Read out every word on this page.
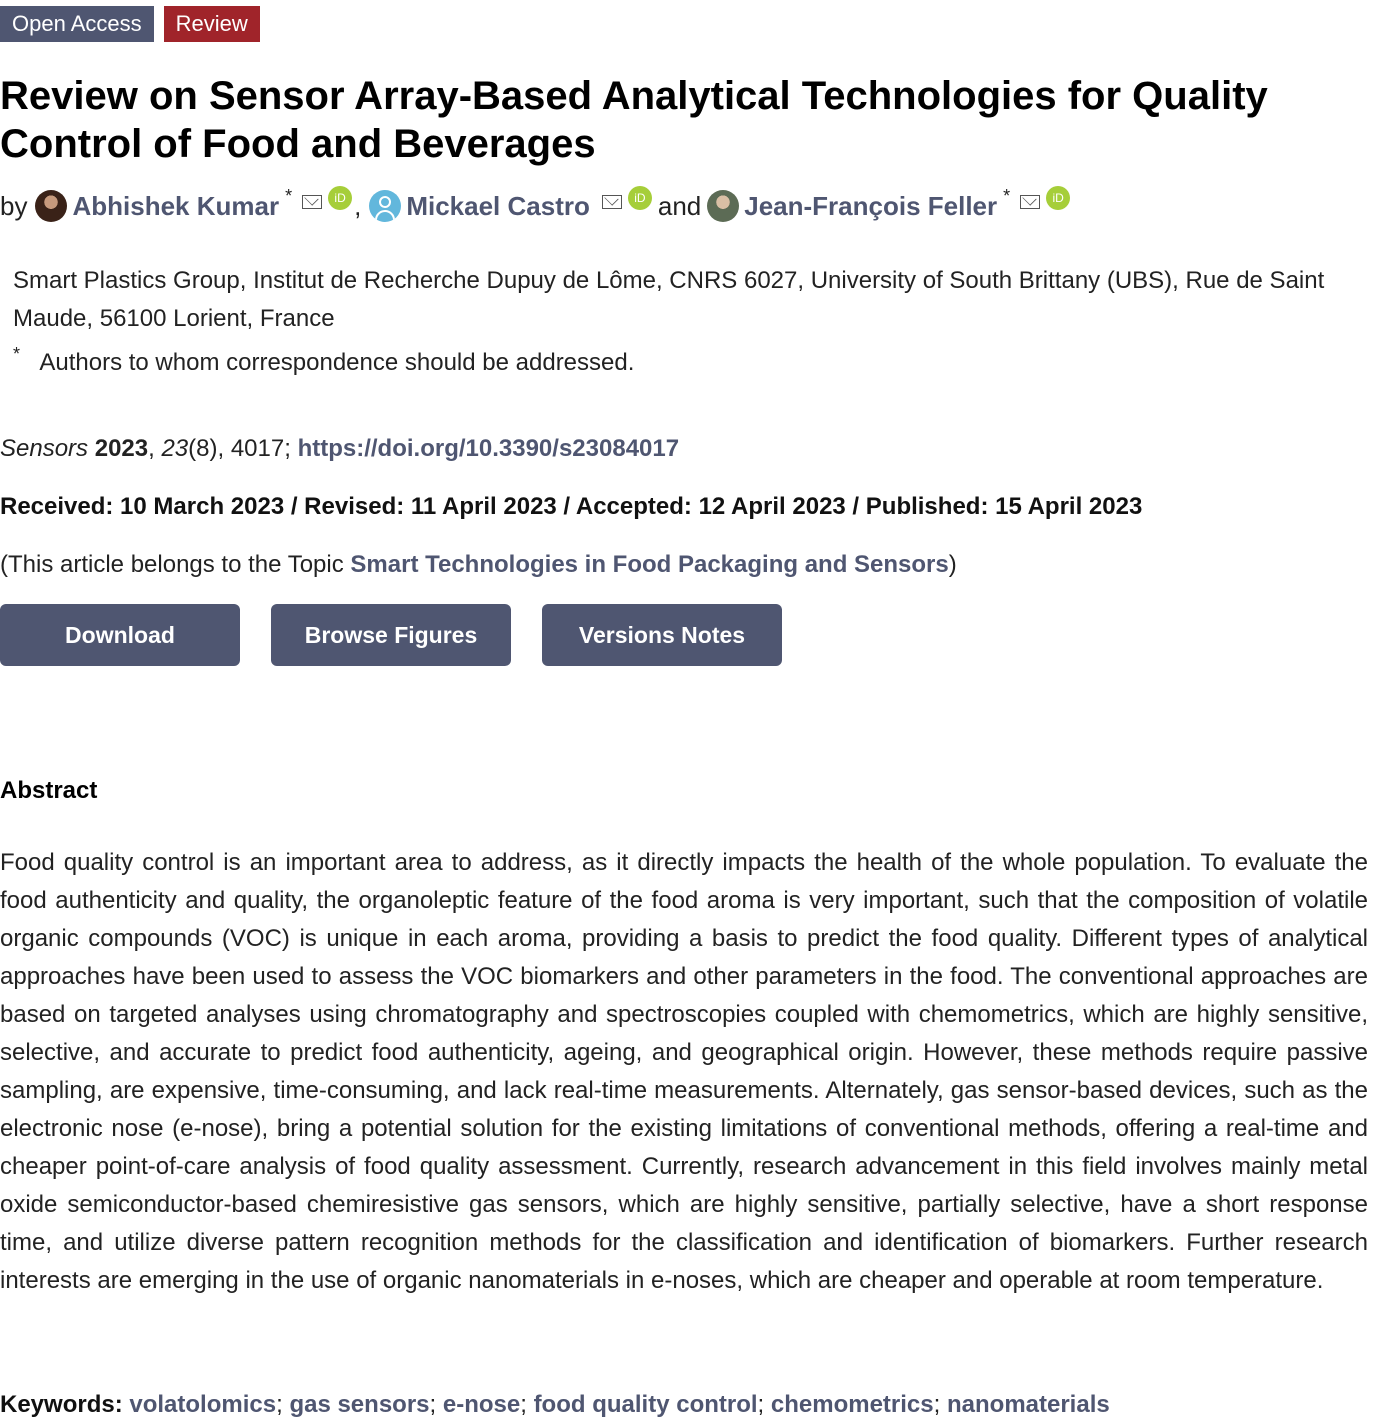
Open Access	Review
Review on Sensor Array-Based Analytical Technologies for Quality Control of Food and Beverages
by Abhishek Kumar *	iD , Mickael Castro	iD and Jean-François Feller *	iD

Smart Plastics Group, Institut de Recherche Dupuy de Lôme, CNRS 6027, University of South Brittany (UBS), Rue de Saint Maude, 56100 Lorient, France

* Authors to whom correspondence should be addressed.
Sensors 2023, 23(8), 4017; https://doi.org/10.3390/s23084017
Received: 10 March 2023 / Revised: 11 April 2023 / Accepted: 12 April 2023 / Published: 15 April 2023
(This article belongs to the Topic Smart Technologies in Food Packaging and Sensors)
Download	Browse Figures	Versions Notes
Abstract

Food quality control is an important area to address, as it directly impacts the health of the whole population. To evaluate the food authenticity and quality, the organoleptic feature of the food aroma is very important, such that the composition of volatile organic compounds (VOC) is unique in each aroma, providing a basis to predict the food quality. Different types of analytical approaches have been used to assess the VOC biomarkers and other parameters in the food. The conventional approaches are based on targeted analyses using chromatography and spectroscopies coupled with chemometrics, which are highly sensitive, selective, and accurate to predict food authenticity, ageing, and geographical origin. However, these methods require passive sampling, are expensive, time-consuming, and lack real-time measurements. Alternately, gas sensor-based devices, such as the electronic nose (e-nose), bring a potential solution for the existing limitations of conventional methods, offering a real-time and cheaper point-of-care analysis of food quality assessment. Currently, research advancement in this field involves mainly metal oxide semiconductor-based chemiresistive gas sensors, which are highly sensitive, partially selective, have a short response time, and utilize diverse pattern recognition methods for the classification and identification of biomarkers. Further research interests are emerging in the use of organic nanomaterials in e-noses, which are cheaper and operable at room temperature.

Keywords: volatolomics; gas sensors; e-nose; food quality control; chemometrics; nanomaterials
